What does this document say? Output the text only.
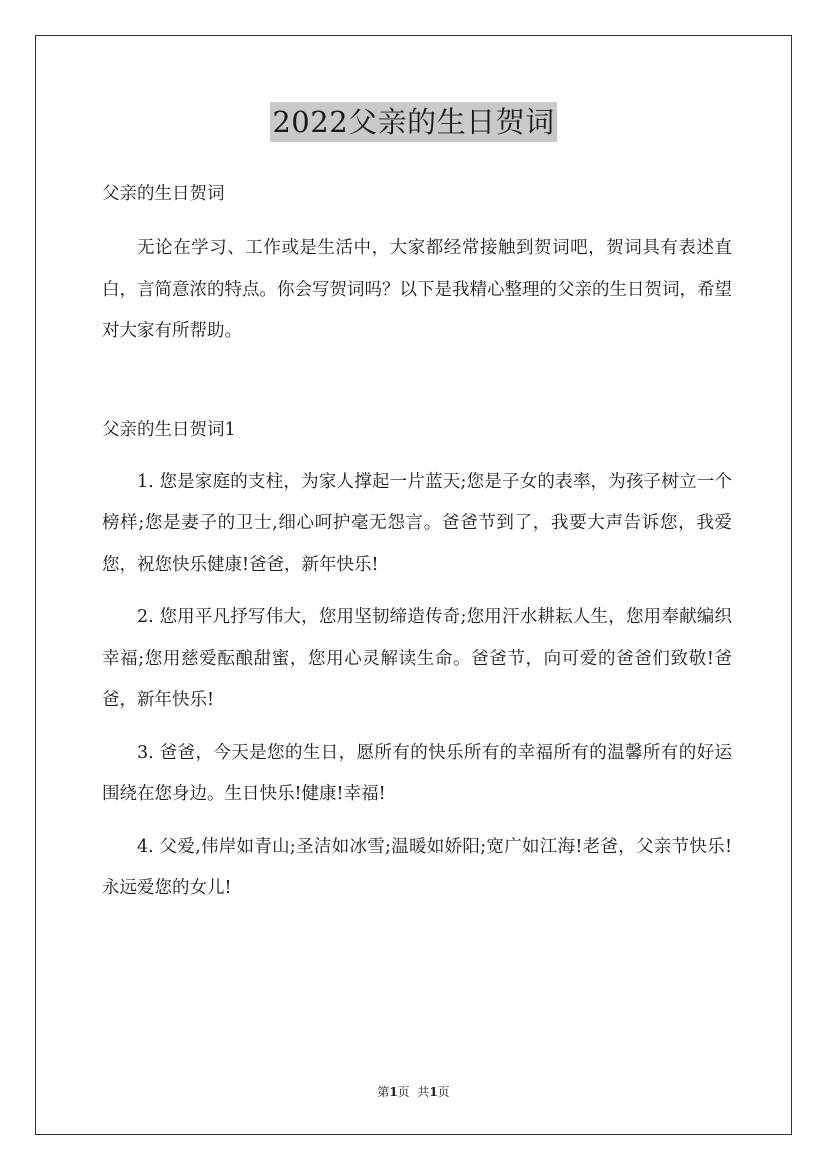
2022父亲的生日贺词

父亲的生日贺词

无论在学习、工作或是生活中，大家都经常接触到贺词吧，贺词具有表述直白，言简意浓的特点。你会写贺词吗？以下是我精心整理的父亲的生日贺词，希望对大家有所帮助。

父亲的生日贺词1

1. 您是家庭的支柱，为家人撑起一片蓝天;您是子女的表率，为孩子树立一个榜样;您是妻子的卫士,细心呵护毫无怨言。爸爸节到了，我要大声告诉您，我爱您，祝您快乐健康!爸爸，新年快乐!

2. 您用平凡抒写伟大，您用坚韧缔造传奇;您用汗水耕耘人生，您用奉献编织幸福;您用慈爱酝酿甜蜜，您用心灵解读生命。爸爸节，向可爱的爸爸们致敬!爸爸，新年快乐!

3. 爸爸，今天是您的生日，愿所有的快乐所有的幸福所有的温馨所有的好运围绕在您身边。生日快乐!健康!幸福!

4. 父爱,伟岸如青山;圣洁如冰雪;温暖如娇阳;宽广如江海!老爸，父亲节快乐!永远爱您的女儿!

第1页  共1页
